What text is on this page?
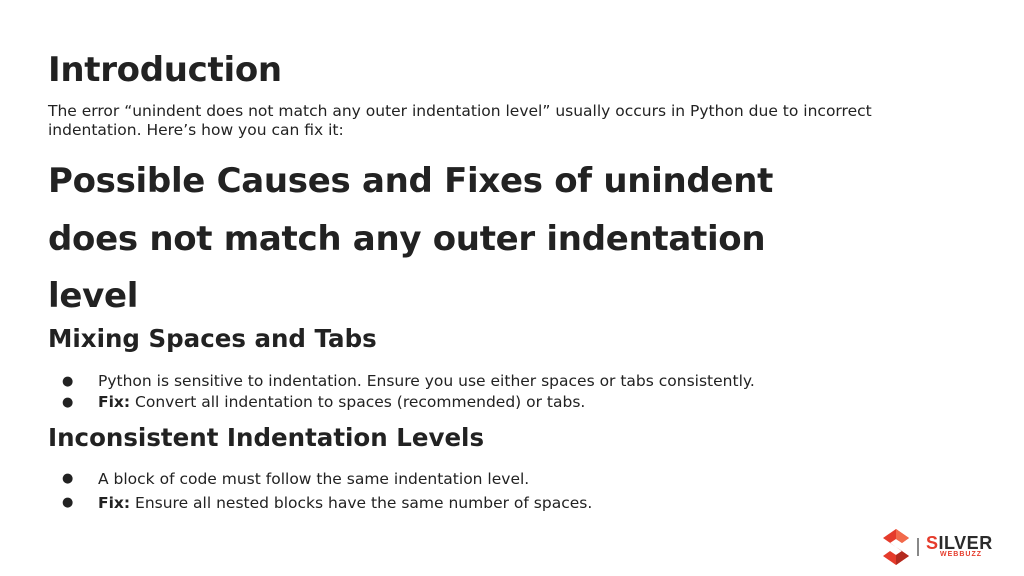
Introduction
The error “unindent does not match any outer indentation level” usually occurs in Python due to incorrect indentation. Here’s how you can fix it:
Possible Causes and Fixes of unindent does not match any outer indentation level
Mixing Spaces and Tabs
● Python is sensitive to indentation. Ensure you use either spaces or tabs consistently.
● Fix: Convert all indentation to spaces (recommended) or tabs.
Inconsistent Indentation Levels
● A block of code must follow the same indentation level.
● Fix: Ensure all nested blocks have the same number of spaces.
SILVER
WEBBUZZ
